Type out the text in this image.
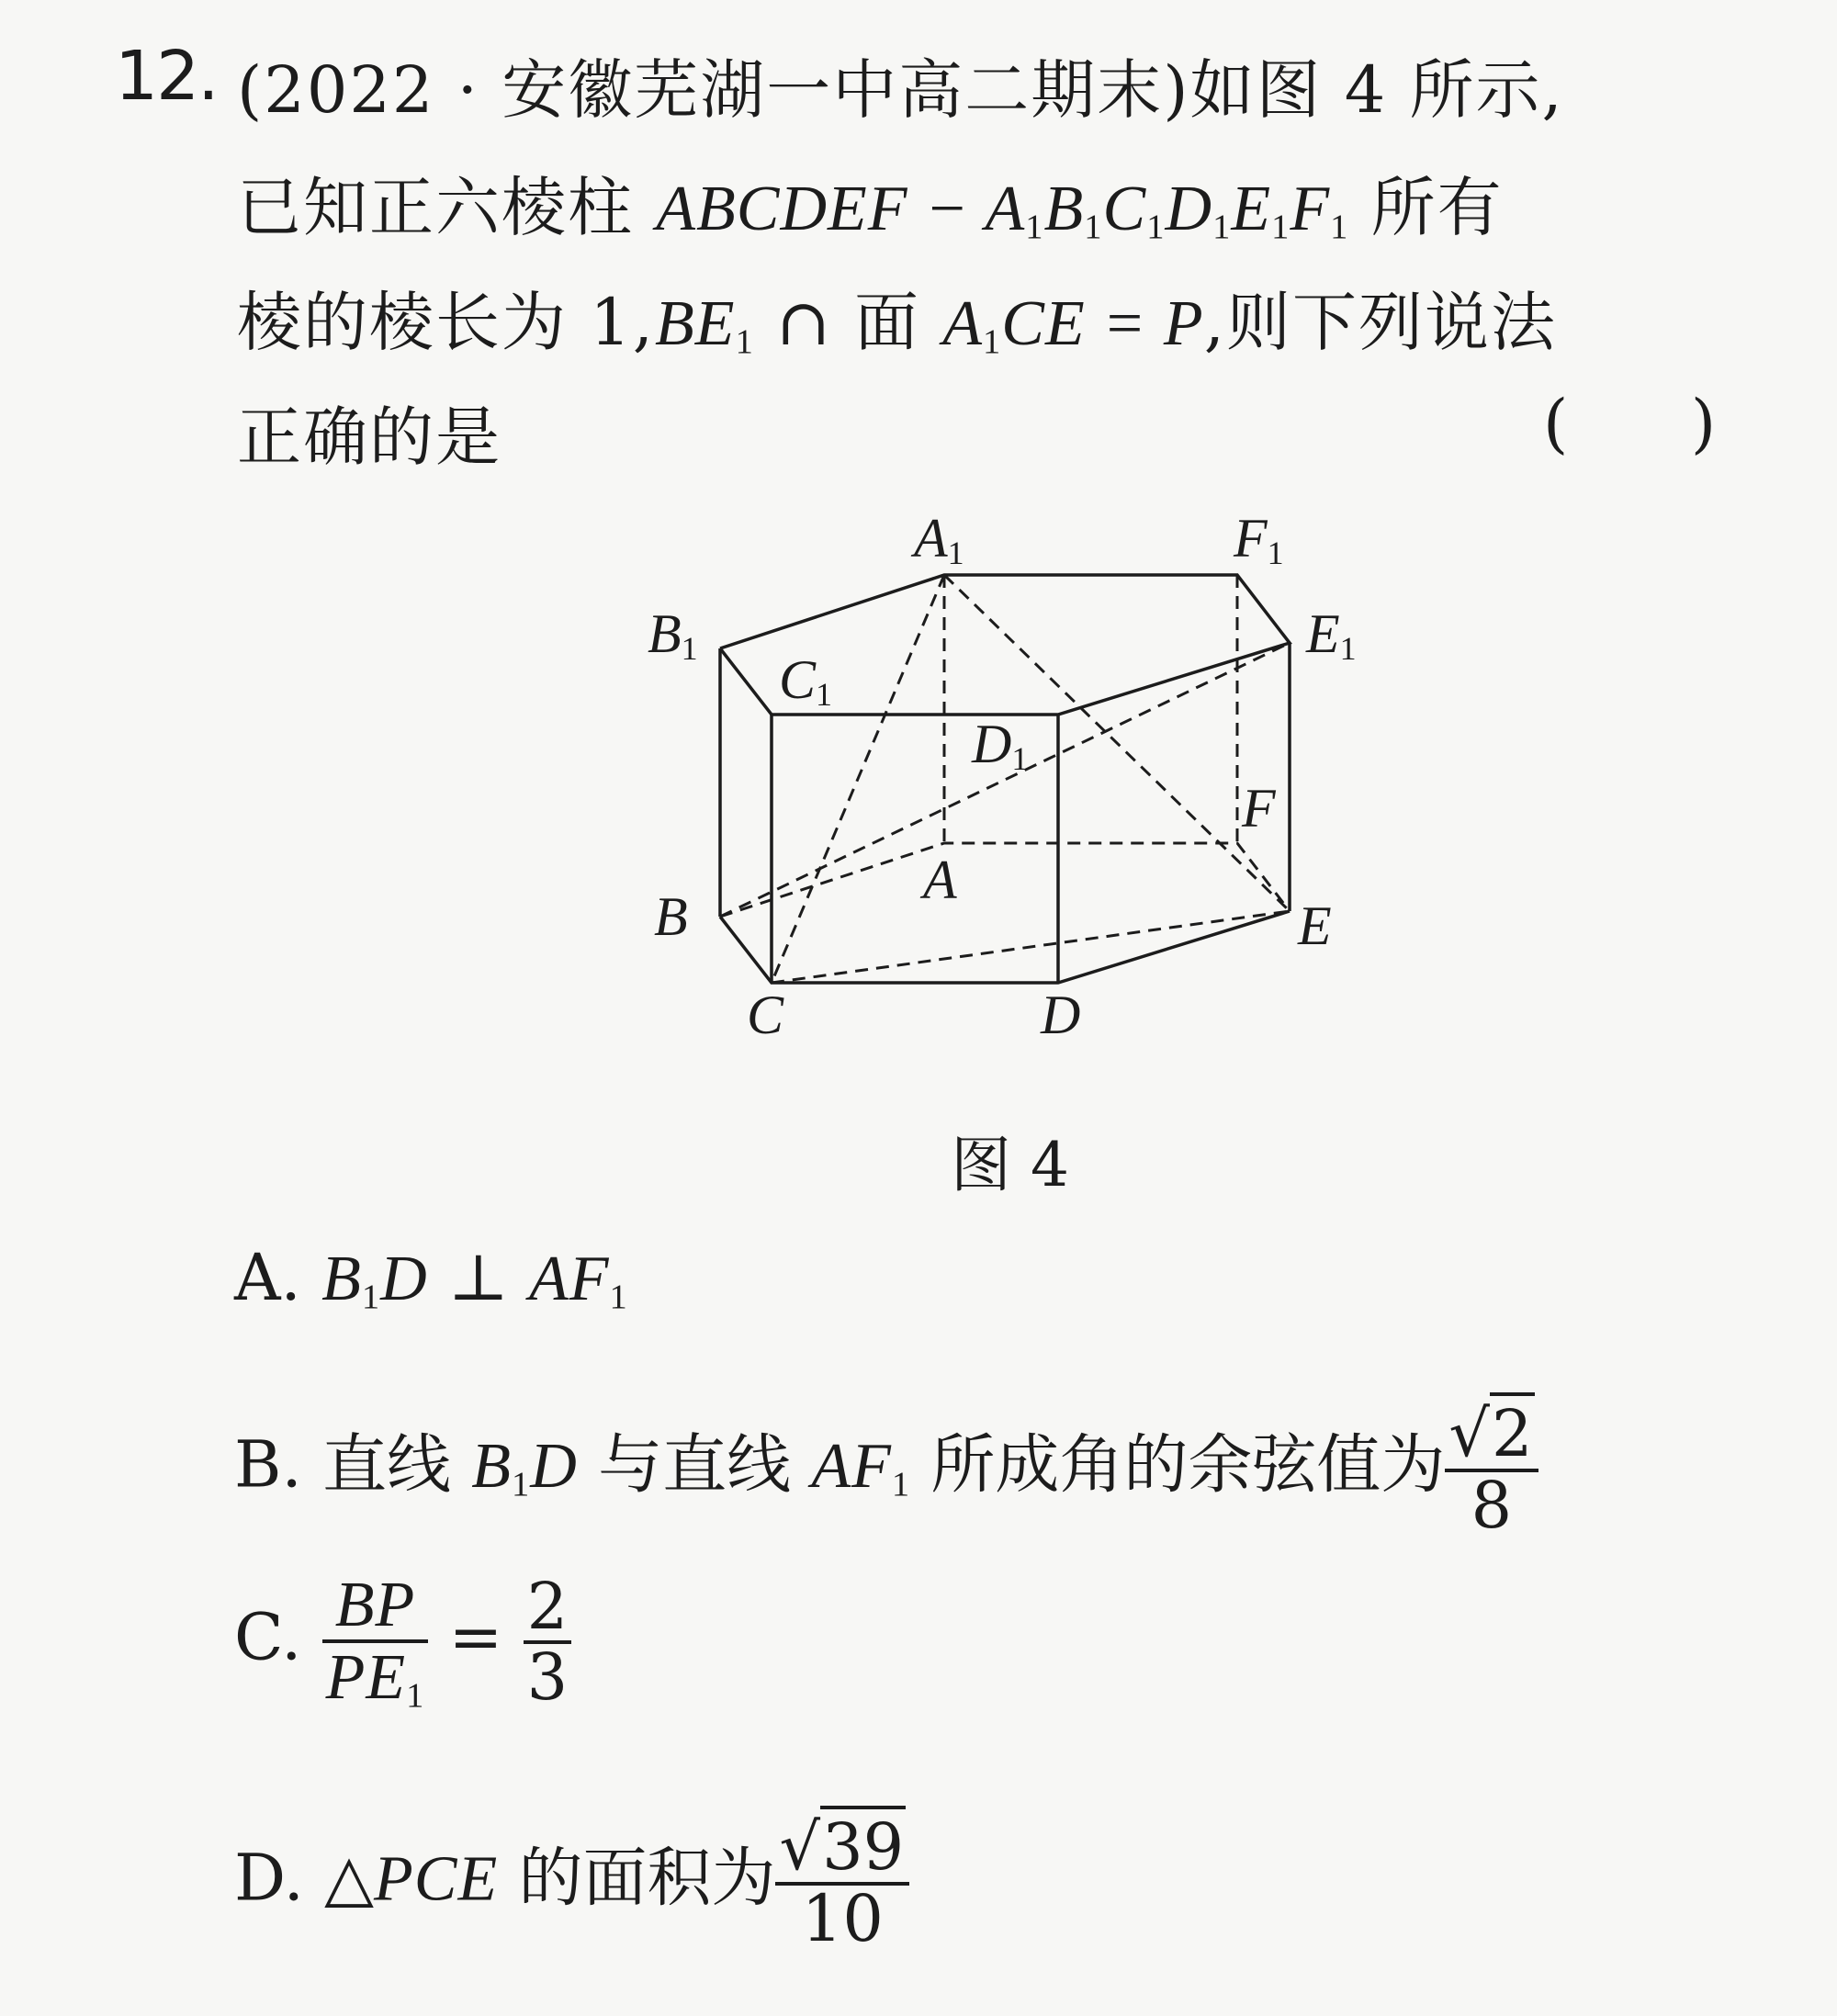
12. (2022 · 安徽芜湖一中高二期末)如图 4 所示,
已知正六棱柱 ABCDEF − $A_1B_1C_1D_1E_1F_1$ 所有
棱的棱长为 $1,BE_1$ ∩ 面 $A_1CE = P$,则下列说法
正确的是	(      )
A1	F1
B1
C1
E1
D1
F
A
B	E
C	D
图 4
A. $B_1D$ ⊥ $AF_1$
B. 直线 $B_1D$ 与直线 $AF_1$ 所成角的余弦值为 $\frac{√2}{8}$
C. $\frac{BP}{PE_1} = \frac{2}{3}$
D. △PCE 的面积为 $\frac{√39}{10}$
